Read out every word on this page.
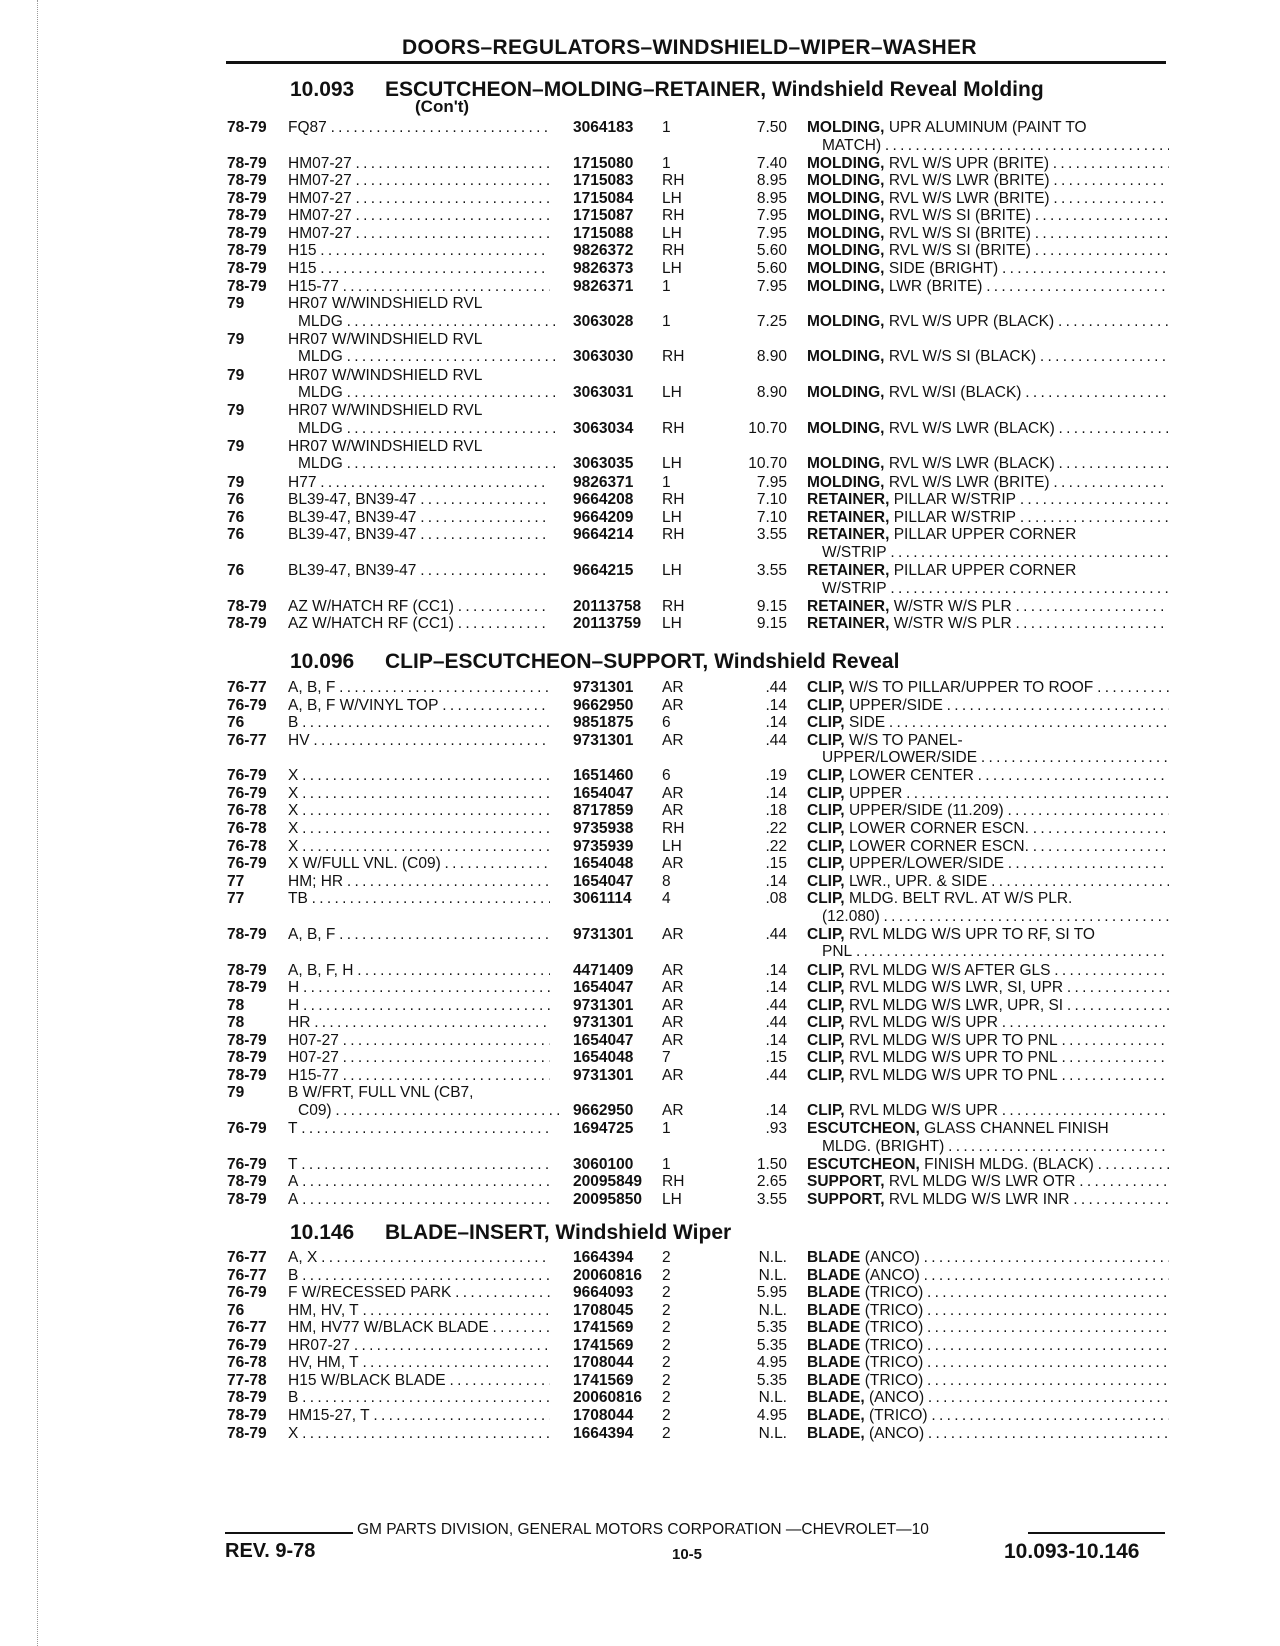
DOORS–REGULATORS–WINDSHIELD–WIPER–WASHER
10.093 ESCUTCHEON–MOLDING–RETAINER, Windshield Reveal Molding
(Con't)
78-79 FQ87 . . .	3064183 1	7.50 MOLDING, UPR ALUMINUM (PAINT TO
MATCH) . . .
78-79 HM07-27 . . .	1715080 1	7.40 MOLDING, RVL W/S UPR (BRITE) . . .
78-79 HM07-27 . . .	1715083 RH	8.95 MOLDING, RVL W/S LWR (BRITE) . . .
78-79 HM07-27 . . .	1715084 LH	8.95 MOLDING, RVL W/S LWR (BRITE) . . .
78-79 HM07-27 . . .	1715087 RH	7.95 MOLDING, RVL W/S SI (BRITE) . . .
78-79 HM07-27 . . .	1715088 LH	7.95 MOLDING, RVL W/S SI (BRITE) . . .
78-79 H15 . . .	9826372 RH	5.60 MOLDING, RVL W/S SI (BRITE) . . .
78-79 H15 . . .	9826373 LH	5.60 MOLDING, SIDE (BRIGHT) . . .
78-79 H15-77 . . .	9826371 1	7.95 MOLDING, LWR (BRITE) . . .
79	HR07 W/WINDSHIELD RVL
MLDG . . .	3063028 1	7.25 MOLDING, RVL W/S UPR (BLACK) . . .
79	HR07 W/WINDSHIELD RVL
MLDG . . .	3063030 RH	8.90 MOLDING, RVL W/S SI (BLACK) . . .
79	HR07 W/WINDSHIELD RVL
MLDG . . .	3063031 LH	8.90 MOLDING, RVL W/SI (BLACK) . . .
79	HR07 W/WINDSHIELD RVL
MLDG . . .	3063034 RH	10.70 MOLDING, RVL W/S LWR (BLACK) . . .
79	HR07 W/WINDSHIELD RVL
MLDG . . .	3063035 LH	10.70 MOLDING, RVL W/S LWR (BLACK) . . .
79	H77 . . .	9826371 1	7.95 MOLDING, RVL W/S LWR (BRITE) . . .
76	BL39-47, BN39-47 . . .	9664208 RH	7.10 RETAINER, PILLAR W/STRIP . . .
76	BL39-47, BN39-47 . . .	9664209 LH	7.10 RETAINER, PILLAR W/STRIP . . .
76	BL39-47, BN39-47 . . .	9664214 RH	3.55 RETAINER, PILLAR UPPER CORNER
W/STRIP . . .
76	BL39-47, BN39-47 . . .	9664215 LH	3.55 RETAINER, PILLAR UPPER CORNER
W/STRIP . . .
78-79 AZ W/HATCH RF (CC1) . . .	20113758 RH	9.15 RETAINER, W/STR W/S PLR . . .
78-79 AZ W/HATCH RF (CC1) . . .	20113759 LH	9.15 RETAINER, W/STR W/S PLR . . .
10.096 CLIP–ESCUTCHEON–SUPPORT, Windshield Reveal
76-77 A, B, F . . .	9731301 AR	.44 CLIP, W/S TO PILLAR/UPPER TO ROOF . . .
76-79 A, B, F W/VINYL TOP . . .	9662950 AR	.14 CLIP, UPPER/SIDE . . .
76	B . . .	9851875 6	.14 CLIP, SIDE . . .
76-77 HV . . .	9731301 AR	.44 CLIP, W/S TO PANEL-
UPPER/LOWER/SIDE . . .
76-79 X . . .	1651460 6	.19 CLIP, LOWER CENTER . . .
76-79 X . . .	1654047 AR	.14 CLIP, UPPER . . .
76-78 X . . .	8717859 AR	.18 CLIP, UPPER/SIDE (11.209) . . .
76-78 X . . .	9735938 RH	.22 CLIP, LOWER CORNER ESCN. . . .
76-78 X . . .	9735939 LH	.22 CLIP, LOWER CORNER ESCN. . . .
76-79 X W/FULL VNL. (C09) . . .	1654048 AR	.15 CLIP, UPPER/LOWER/SIDE . . .
77	HM; HR . . .	1654047 8	.14 CLIP, LWR., UPR. & SIDE . . .
77	TB . . .	3061114 4	.08 CLIP, MLDG. BELT RVL. AT W/S PLR.
(12.080) . . .
78-79 A, B, F . . .	9731301 AR	.44 CLIP, RVL MLDG W/S UPR TO RF, SI TO
PNL . . .
78-79 A, B, F, H . . .	4471409 AR	.14 CLIP, RVL MLDG W/S AFTER GLS . . .
78-79 H . . .	1654047 AR	.14 CLIP, RVL MLDG W/S LWR, SI, UPR . . .
78	H . . .	9731301 AR	.44 CLIP, RVL MLDG W/S LWR, UPR, SI . . .
78	HR . . .	9731301 AR	.44 CLIP, RVL MLDG W/S UPR . . .
78-79 H07-27 . . .	1654047 AR	.14 CLIP, RVL MLDG W/S UPR TO PNL . . .
78-79 H07-27 . . .	1654048 7	.15 CLIP, RVL MLDG W/S UPR TO PNL . . .
78-79 H15-77 . . .	9731301 AR	.44 CLIP, RVL MLDG W/S UPR TO PNL . . .
79	B W/FRT, FULL VNL (CB7,
C09) . . .	9662950 AR	.14 CLIP, RVL MLDG W/S UPR . . .
76-79 T . . .	1694725 1	.93 ESCUTCHEON, GLASS CHANNEL FINISH
MLDG. (BRIGHT) . . .
76-79 T . . .	3060100 1	1.50 ESCUTCHEON, FINISH MLDG. (BLACK) . . .
78-79 A . . .	20095849 RH	2.65 SUPPORT, RVL MLDG W/S LWR OTR . . .
78-79 A . . .	20095850 LH	3.55 SUPPORT, RVL MLDG W/S LWR INR . . .
10.146 BLADE–INSERT, Windshield Wiper
76-77 A, X . . .	1664394 2	N.L. BLADE (ANCO) . . .
76-77 B . . .	20060816 2	N.L. BLADE (ANCO) . . .
76-79 F W/RECESSED PARK . . .	9664093 2	5.95 BLADE (TRICO) . . .
76	HM, HV, T . . .	1708045 2	N.L. BLADE (TRICO) . . .
76-77 HM, HV77 W/BLACK BLADE . . .	1741569 2	5.35 BLADE (TRICO) . . .
76-79 HR07-27 . . .	1741569 2	5.35 BLADE (TRICO) . . .
76-78 HV, HM, T . . .	1708044 2	4.95 BLADE (TRICO) . . .
77-78 H15 W/BLACK BLADE . . .	1741569 2	5.35 BLADE (TRICO) . . .
78-79 B . . .	20060816 2	N.L. BLADE, (ANCO) . . .
78-79 HM15-27, T . . .	1708044 2	4.95 BLADE, (TRICO) . . .
78-79 X . . .	1664394 2	N.L. BLADE, (ANCO) . . .
GM PARTS DIVISION, GENERAL MOTORS CORPORATION —CHEVROLET—10
REV. 9-78	10-5	10.093-10.146
